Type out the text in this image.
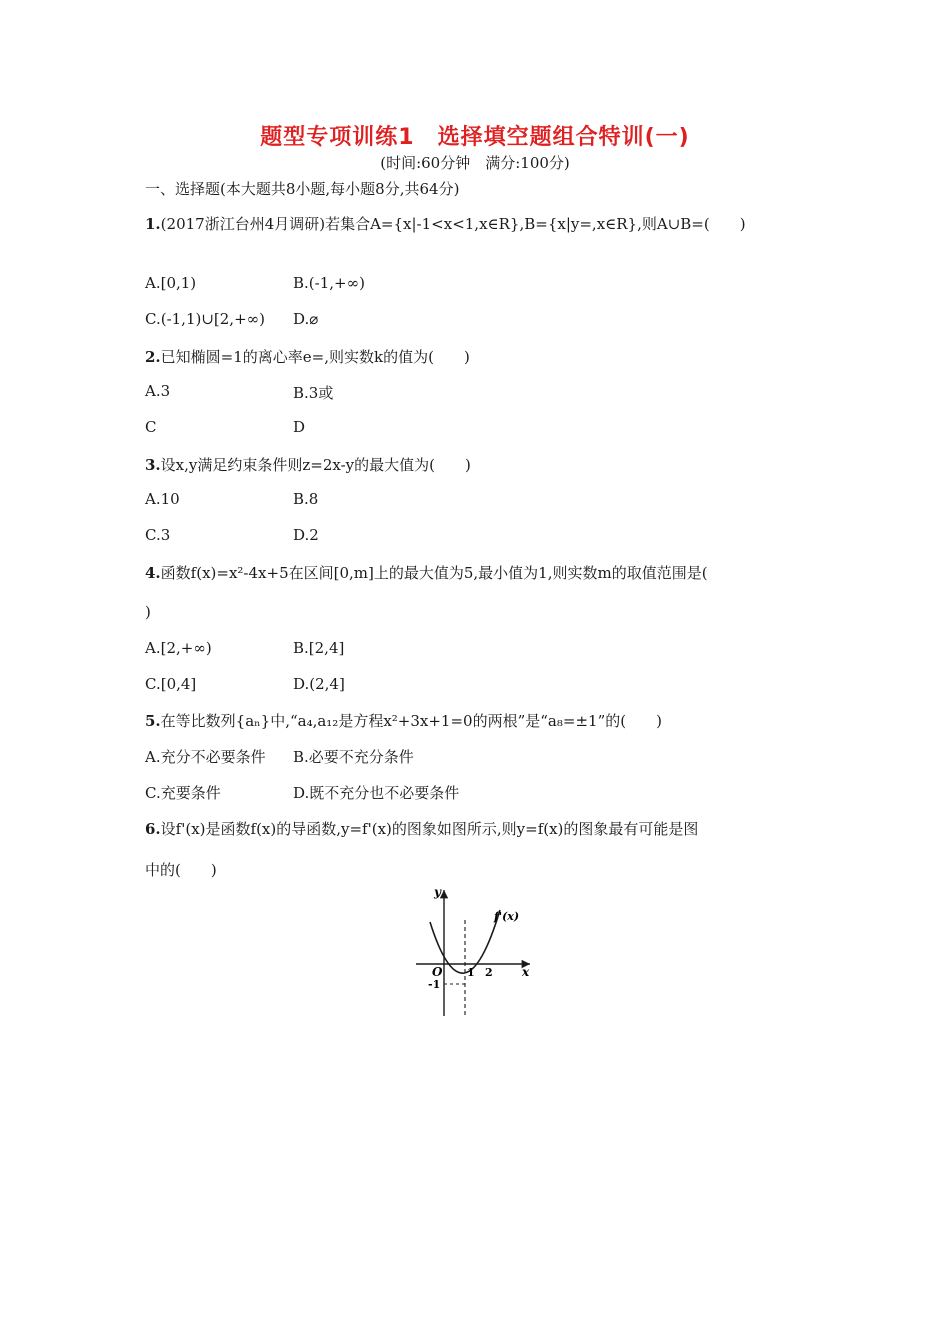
题型专项训练1　选择填空题组合特训(一)
(时间:60分钟　满分:100分)
一、选择题(本大题共8小题,每小题8分,共64分)
1.(2017浙江台州4月调研)若集合A={x|-1<x<1,x∈R},B={x|y=,x∈R},则A∪B=(　　)
A.[0,1)	B.(-1,+∞)
C.(-1,1)∪[2,+∞) D.⌀
2.已知椭圆=1的离心率e=,则实数k的值为(　　)
A.3	B.3或
C	D
3.设x,y满足约束条件则z=2x-y的最大值为(　　)
A.10	B.8
C.3	D.2
4.函数f(x)=x²-4x+5在区间[0,m]上的最大值为5,最小值为1,则实数m的取值范围是(
)
A.[2,+∞)	B.[2,4]
C.[0,4]	D.(2,4]
5.在等比数列{aₙ}中,“a₄,a₁₂是方程x²+3x+1=0的两根”是“a₈=±1”的(　　)
A.充分不必要条件 B.必要不充分条件
C.充要条件	D.既不充分也不必要条件
6.设f'(x)是函数f(x)的导函数,y=f'(x)的图象如图所示,则y=f(x)的图象最有可能是图
中的(　　)
y
x
O
f'(x)
1 2
-1
